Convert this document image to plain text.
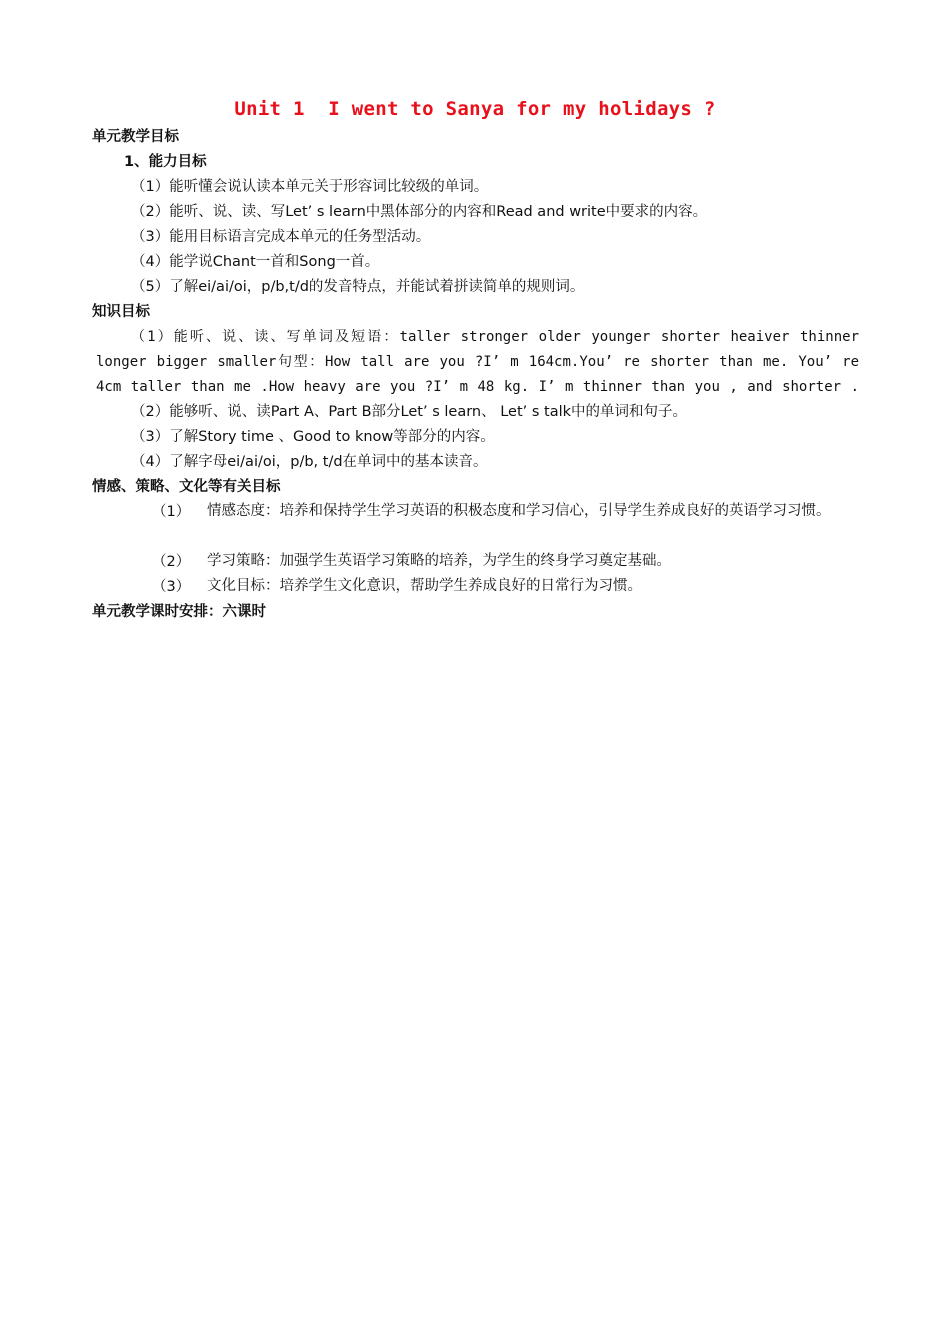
Unit 1  I went to Sanya for my holidays ?
单元教学目标
1、能力目标
（1）能听懂会说认读本单元关于形容词比较级的单词。
（2）能听、说、读、写Let’ s learn中黑体部分的内容和Read and write中要求的内容。
（3）能用目标语言完成本单元的任务型活动。
（4）能学说Chant一首和Song一首。
（5）了解ei/ai/oi，p/b,t/d的发音特点，并能试着拼读简单的规则词。
知识目标
（1）能听、说、读、写单词及短语：taller stronger older younger shorter heaiver thinner
longer bigger smaller句型：How tall are you ?I’ m 164cm.You’ re shorter than me. You’ re
4cm taller than me .How heavy are you ?I’ m 48 kg. I’ m thinner than you , and shorter .
（2）能够听、说、读Part A、Part B部分Let’ s learn、 Let’ s talk中的单词和句子。
（3）了解Story time 、Good to know等部分的内容。
（4）了解字母ei/ai/oi，p/b, t/d在单词中的基本读音。
情感、策略、文化等有关目标
（1） 情感态度：培养和保持学生学习英语的积极态度和学习信心，引导学生养成良好的英语学习习惯。
（2） 学习策略：加强学生英语学习策略的培养，为学生的终身学习奠定基础。
（3） 文化目标：培养学生文化意识，帮助学生养成良好的日常行为习惯。
单元教学课时安排：六课时
